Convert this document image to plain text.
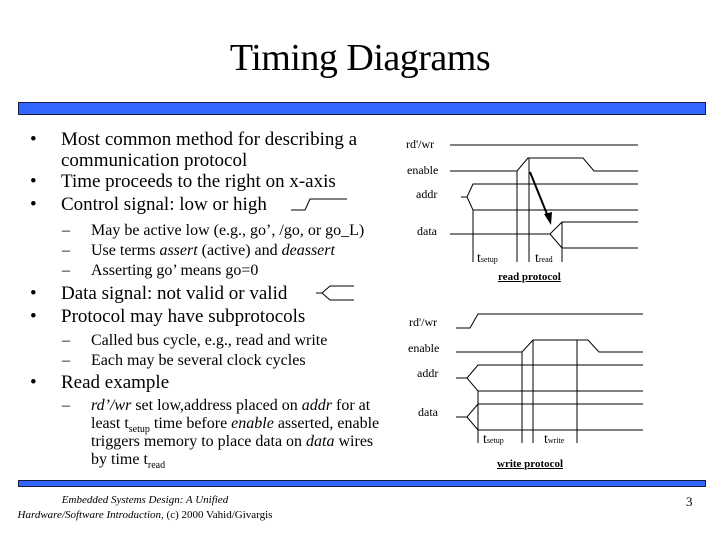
Timing Diagrams
•	Most common method for describing a
communication protocol
•	Time proceeds to the right on x-axis
•	Control signal: low or high
– May be active low (e.g., go’, /go, or go_L)
– Use terms assert (active) and deassert
– Asserting go’ means go=0
•	Data signal: not valid or valid
•	Protocol may have subprotocols
– Called bus cycle, e.g., read and write
– Each may be several clock cycles
•	Read example
– rd’/wr set low,address placed on addr for at
least $t_{setup}$ time before enable asserted, enable
triggers memory to place data on data wires
by time $t_{read}$
rd'/wr
enable
addr
data
tsetup	tread
read protocol
rd'/wr
enable
addr
data
tsetup	twrite
write protocol
Embedded Systems Design: A Unified
Hardware/Software Introduction, (c) 2000 Vahid/Givargis
3
